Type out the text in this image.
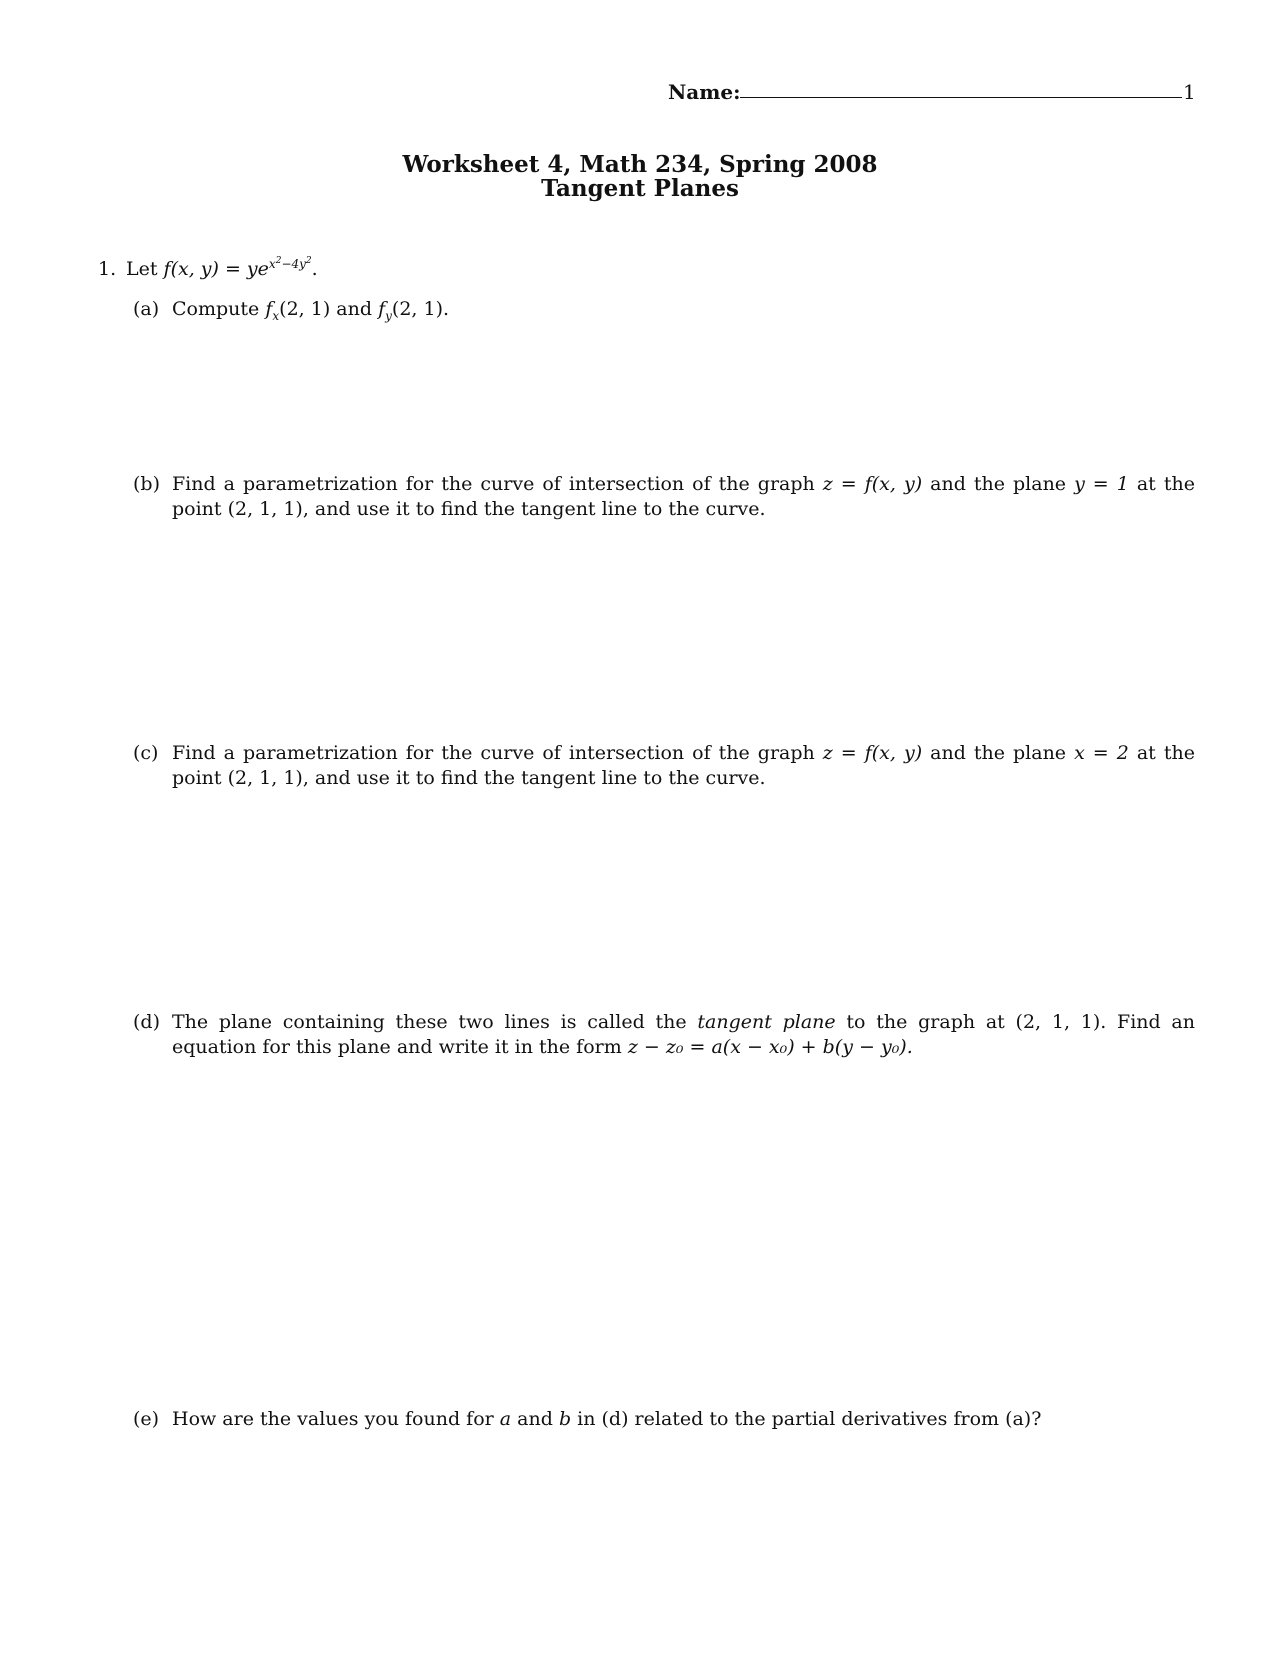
Name:	1
Worksheet 4, Math 234, Spring 2008
Tangent Planes
1. Let f(x, $y) = ye^{x^2-4y^2}$.
(a) Compute $f_x(2$, 1) and $f_y(2$, 1).
(b) Find a parametrization for the curve of intersection of the graph z = f(x, y) and the plane y = 1 at the point (2, 1, 1), and use it to find the tangent line to the curve.
(c) Find a parametrization for the curve of intersection of the graph z = f(x, y) and the plane x = 2 at the point (2, 1, 1), and use it to find the tangent line to the curve.
(d) The plane containing these two lines is called the tangent plane to the graph at (2, 1, 1). Find an equation for this plane and write it in the form z − z₀ = a(x − x₀) + b(y − y₀).
(e) How are the values you found for a and b in (d) related to the partial derivatives from (a)?
